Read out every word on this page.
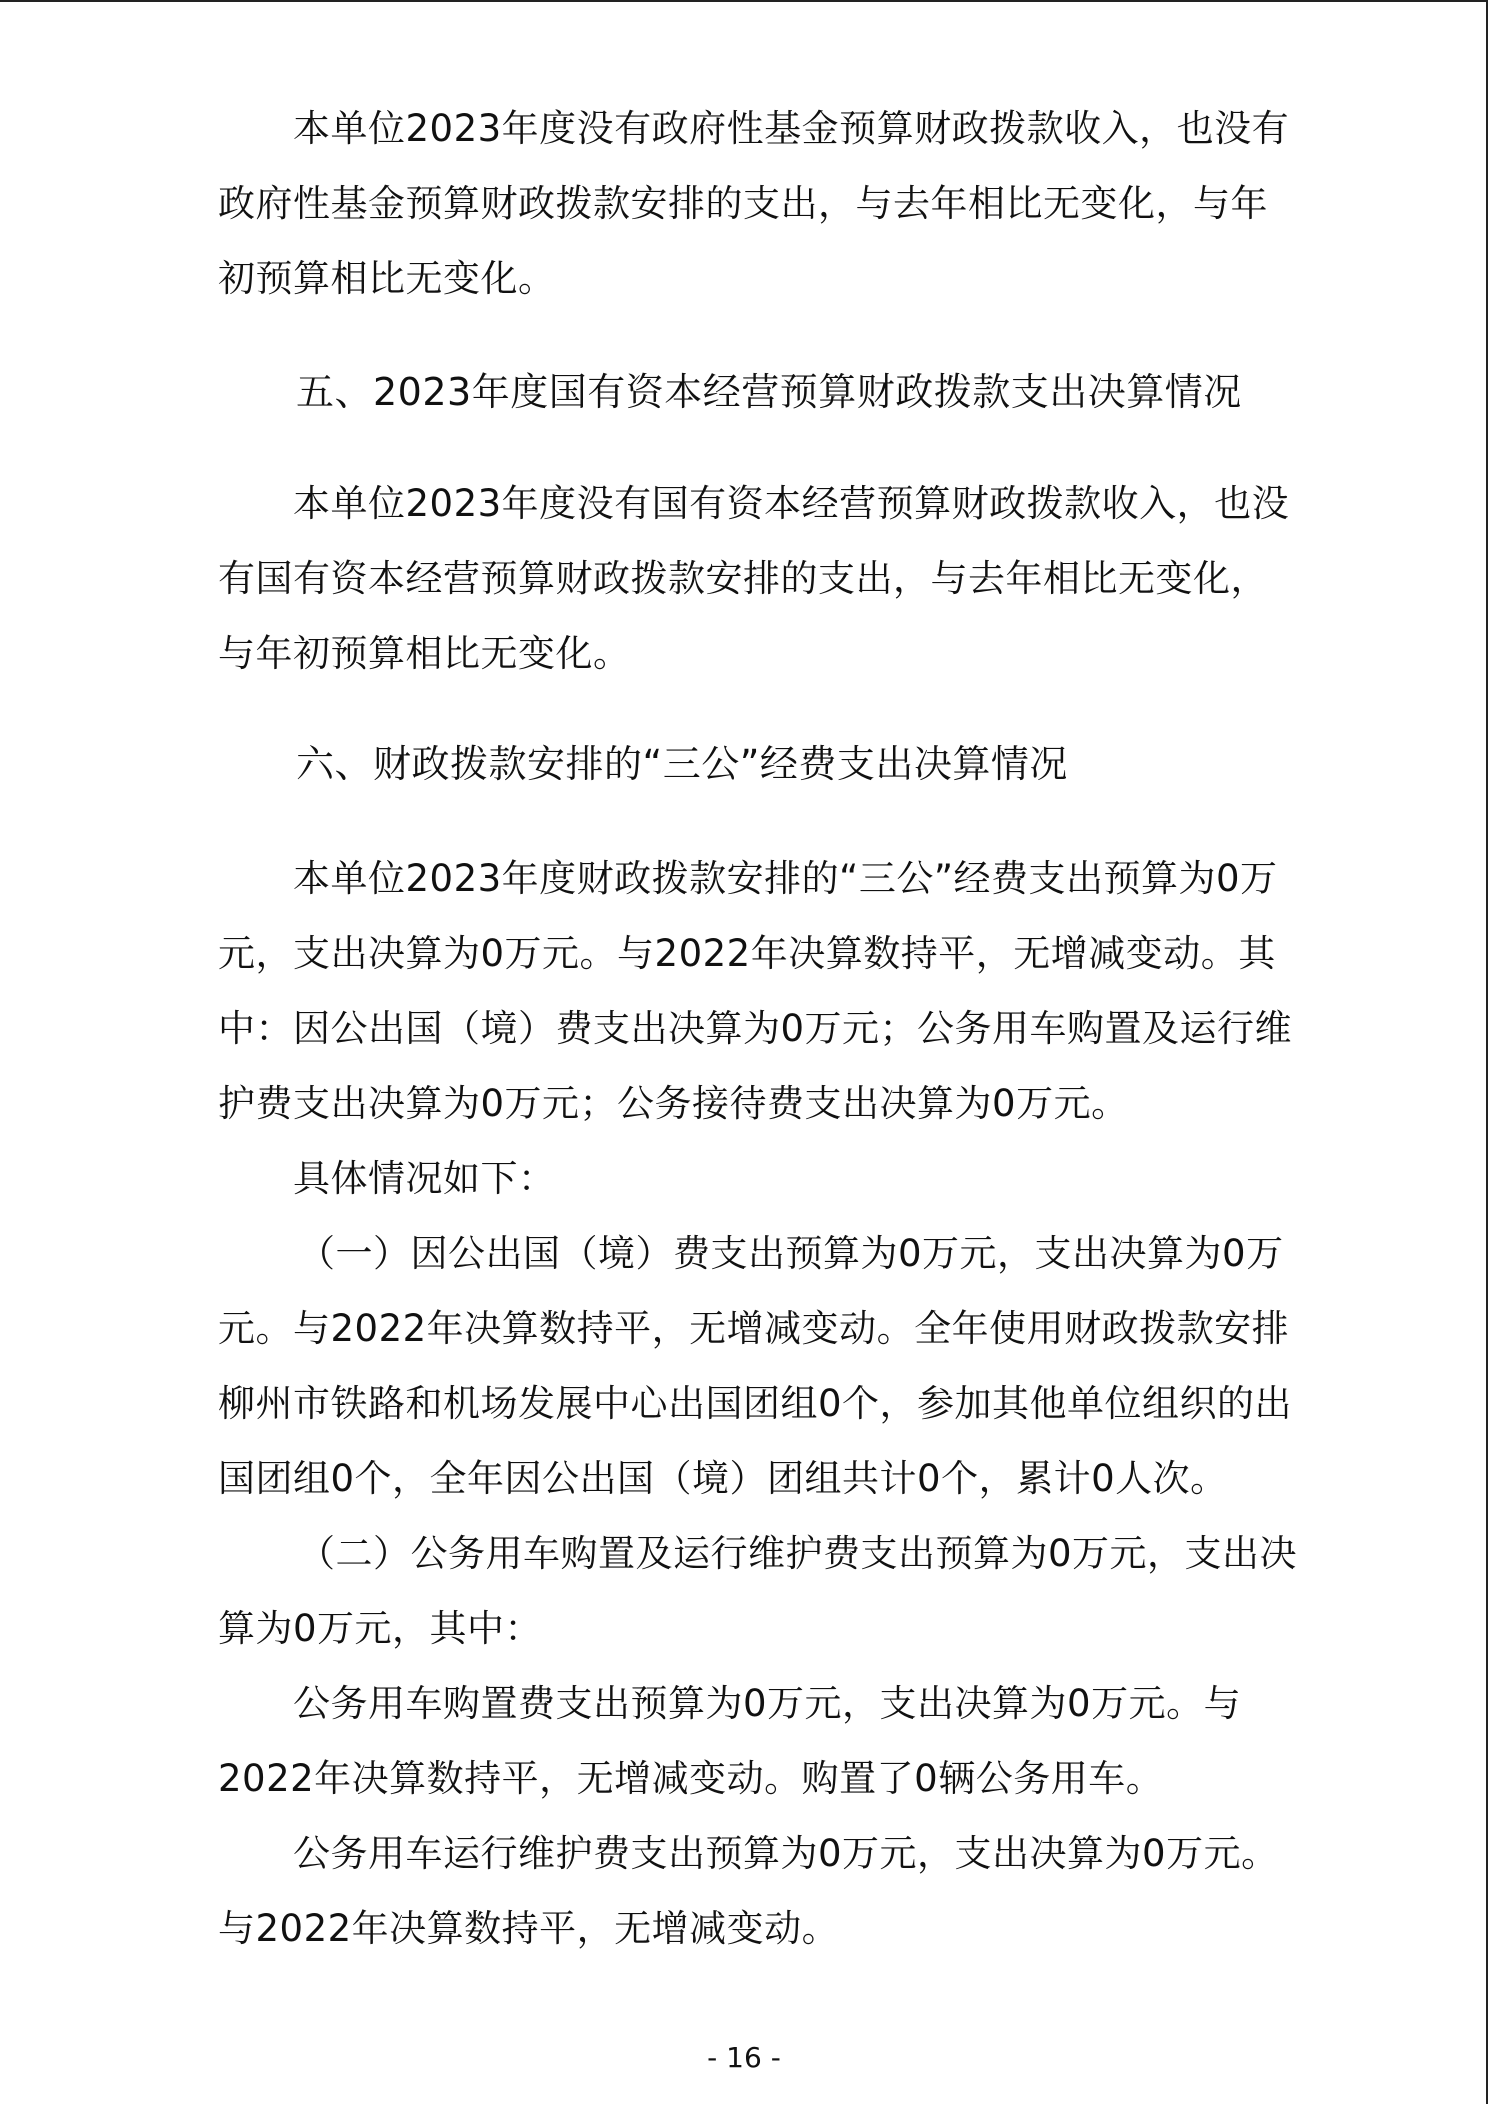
本单位2023年度没有政府性基金预算财政拨款收入，也没有
政府性基金预算财政拨款安排的支出，与去年相比无变化，与年
初预算相比无变化。
五、2023年度国有资本经营预算财政拨款支出决算情况
本单位2023年度没有国有资本经营预算财政拨款收入，也没
有国有资本经营预算财政拨款安排的支出，与去年相比无变化，
与年初预算相比无变化。
六、财政拨款安排的“三公”经费支出决算情况
本单位2023年度财政拨款安排的“三公”经费支出预算为0万
元，支出决算为0万元。与2022年决算数持平，无增减变动。其
中：因公出国（境）费支出决算为0万元；公务用车购置及运行维
护费支出决算为0万元；公务接待费支出决算为0万元。
具体情况如下：
（一）因公出国（境）费支出预算为0万元，支出决算为0万
元。与2022年决算数持平，无增减变动。全年使用财政拨款安排
柳州市铁路和机场发展中心出国团组0个，参加其他单位组织的出
国团组0个，全年因公出国（境）团组共计0个，累计0人次。
（二）公务用车购置及运行维护费支出预算为0万元，支出决
算为0万元，其中：
公务用车购置费支出预算为0万元，支出决算为0万元。与
2022年决算数持平，无增减变动。购置了0辆公务用车。
公务用车运行维护费支出预算为0万元，支出决算为0万元。
与2022年决算数持平，无增减变动。
- 16 -
